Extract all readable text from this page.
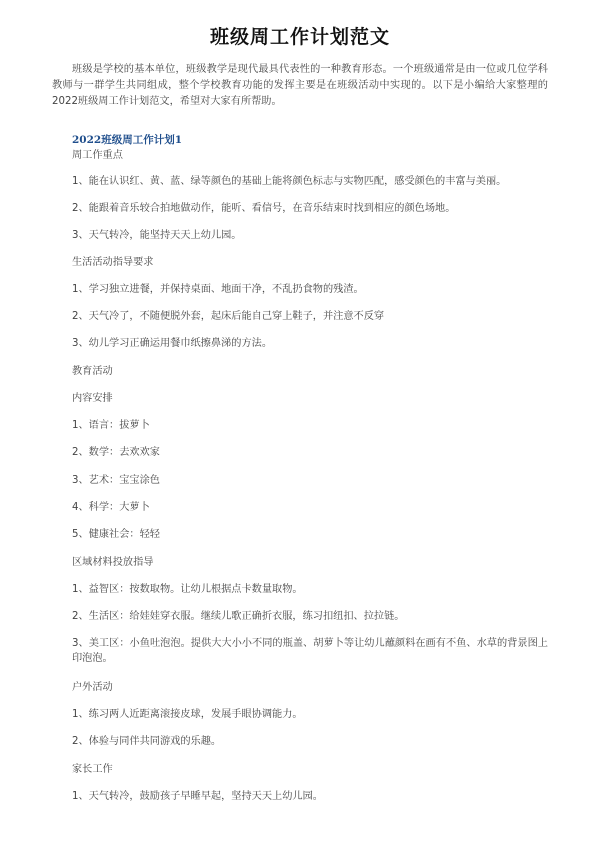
班级周工作计划范文

班级是学校的基本单位，班级教学是现代最具代表性的一种教育形态。一个班级通常是由一位或几位学科教师与一群学生共同组成，整个学校教育功能的发挥主要是在班级活动中实现的。以下是小编给大家整理的2022班级周工作计划范文，希望对大家有所帮助。

2022班级周工作计划1

周工作重点

1、能在认识红、黄、蓝、绿等颜色的基础上能将颜色标志与实物匹配，感受颜色的丰富与美丽。

2、能跟着音乐较合拍地做动作，能听、看信号，在音乐结束时找到相应的颜色场地。

3、天气转冷，能坚持天天上幼儿园。

生活活动指导要求

1、学习独立进餐，并保持桌面、地面干净，不乱扔食物的残渣。

2、天气冷了，不随便脱外套，起床后能自己穿上鞋子，并注意不反穿

3、幼儿学习正确运用餐巾纸擦鼻涕的方法。

教育活动

内容安排

1、语言：拔萝卜

2、数学：去欢欢家

3、艺术：宝宝涂色

4、科学：大萝卜

5、健康社会：轻轻

区域材料投放指导

1、益智区：按数取物。让幼儿根据点卡数量取物。

2、生活区：给娃娃穿衣服。继续儿歌正确折衣服，练习扣纽扣、拉拉链。

3、美工区：小鱼吐泡泡。提供大大小小不同的瓶盖、胡萝卜等让幼儿蘸颜料在画有不鱼、水草的背景图上印泡泡。

户外活动

1、练习两人近距离滚接皮球，发展手眼协调能力。

2、体验与同伴共同游戏的乐趣。

家长工作

1、天气转冷，鼓励孩子早睡早起，坚持天天上幼儿园。
